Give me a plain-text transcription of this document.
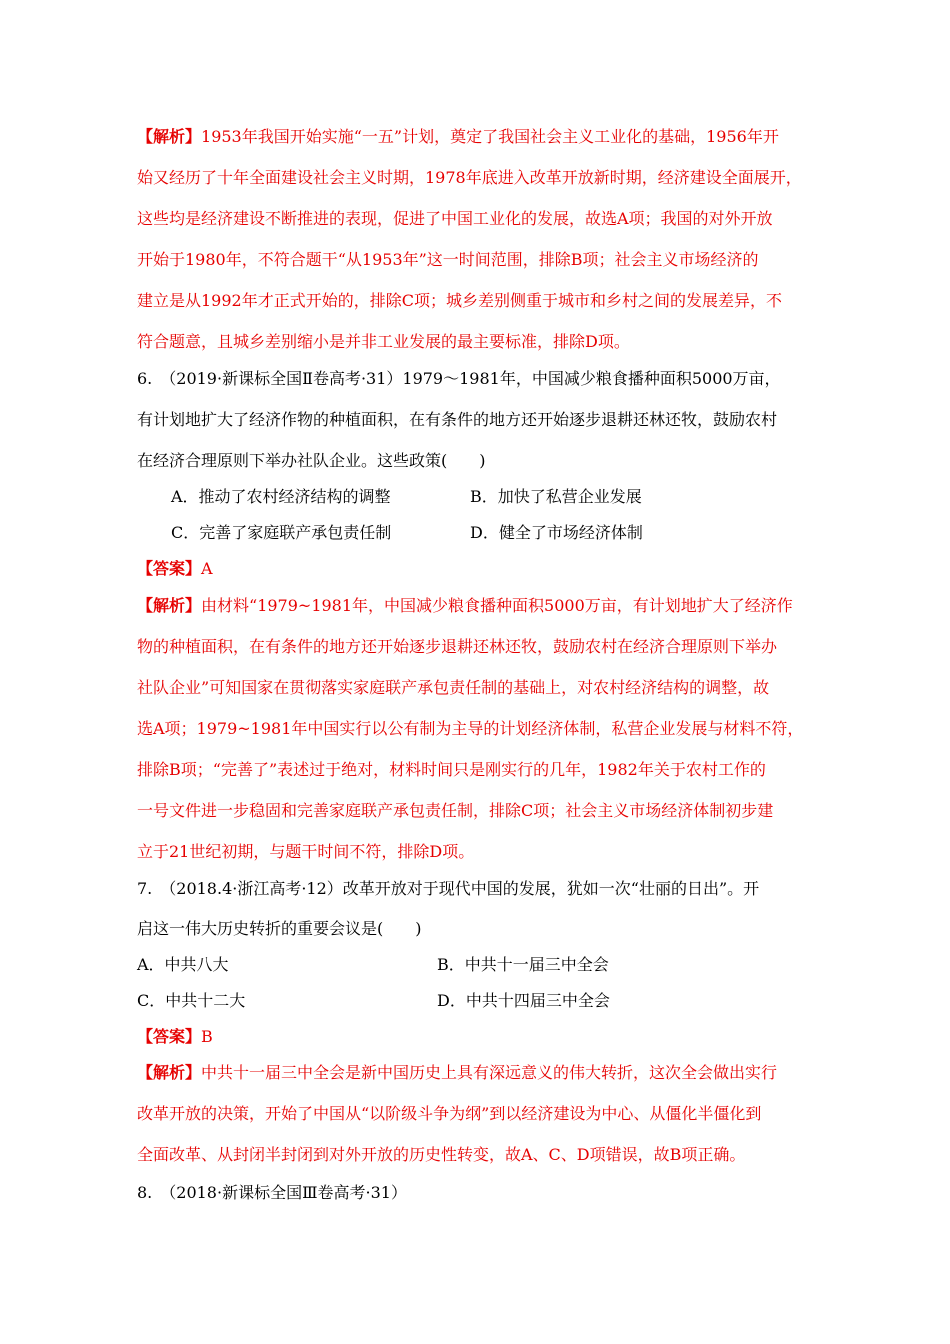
【解析】1953年我国开始实施“一五”计划，奠定了我国社会主义工业化的基础，1956年开
始又经历了十年全面建设社会主义时期，1978年底进入改革开放新时期，经济建设全面展开，
这些均是经济建设不断推进的表现，促进了中国工业化的发展，故选A项；我国的对外开放
开始于1980年，不符合题干“从1953年”这一时间范围，排除B项；社会主义市场经济的
建立是从1992年才正式开始的，排除C项；城乡差别侧重于城市和乡村之间的发展差异，不
符合题意，且城乡差别缩小是并非工业发展的最主要标准，排除D项。
6.　（2019·新课标全国Ⅱ卷高考·31）1979～1981年，中国减少粮食播种面积5000万亩，
有计划地扩大了经济作物的种植面积，在有条件的地方还开始逐步退耕还林还牧，鼓励农村
在经济合理原则下举办社队企业。这些政策(　　)
A．推动了农村经济结构的调整	B．加快了私营企业发展
C．完善了家庭联产承包责任制	D．健全了市场经济体制
【答案】A
【解析】由材料“1979~1981年，中国减少粮食播种面积5000万亩，有计划地扩大了经济作
物的种植面积，在有条件的地方还开始逐步退耕还林还牧，鼓励农村在经济合理原则下举办
社队企业”可知国家在贯彻落实家庭联产承包责任制的基础上，对农村经济结构的调整，故
选A项；1979~1981年中国实行以公有制为主导的计划经济体制，私营企业发展与材料不符，
排除B项；“完善了”表述过于绝对，材料时间只是刚实行的几年，1982年关于农村工作的
一号文件进一步稳固和完善家庭联产承包责任制，排除C项；社会主义市场经济体制初步建
立于21世纪初期，与题干时间不符，排除D项。
7.　（2018.4·浙江高考·12）改革开放对于现代中国的发展，犹如一次“壮丽的日出”。开
启这一伟大历史转折的重要会议是(　　)
A．中共八大	B．中共十一届三中全会
C．中共十二大	D．中共十四届三中全会
【答案】B
【解析】中共十一届三中全会是新中国历史上具有深远意义的伟大转折，这次全会做出实行
改革开放的决策，开始了中国从“以阶级斗争为纲”到以经济建设为中心、从僵化半僵化到
全面改革、从封闭半封闭到对外开放的历史性转变，故A、C、D项错误，故B项正确。
8.　（2018·新课标全国Ⅲ卷高考·31）
